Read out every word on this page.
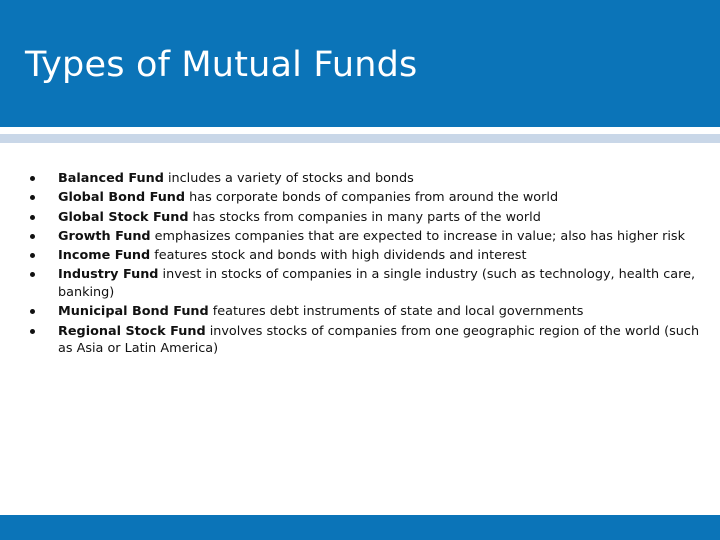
Types of Mutual Funds
Balanced Fund includes a variety of stocks and bonds
Global Bond Fund has corporate bonds of companies from around the world
Global Stock Fund has stocks from companies in many parts of the world
Growth Fund emphasizes companies that are expected to increase in value; also has higher risk
Income Fund features stock and bonds with high dividends and interest
Industry Fund invest in stocks of companies in a single industry (such as technology, health care, banking)
Municipal Bond Fund features debt instruments of state and local governments
Regional Stock Fund involves stocks of companies from one geographic region of the world (such as Asia or Latin America)
